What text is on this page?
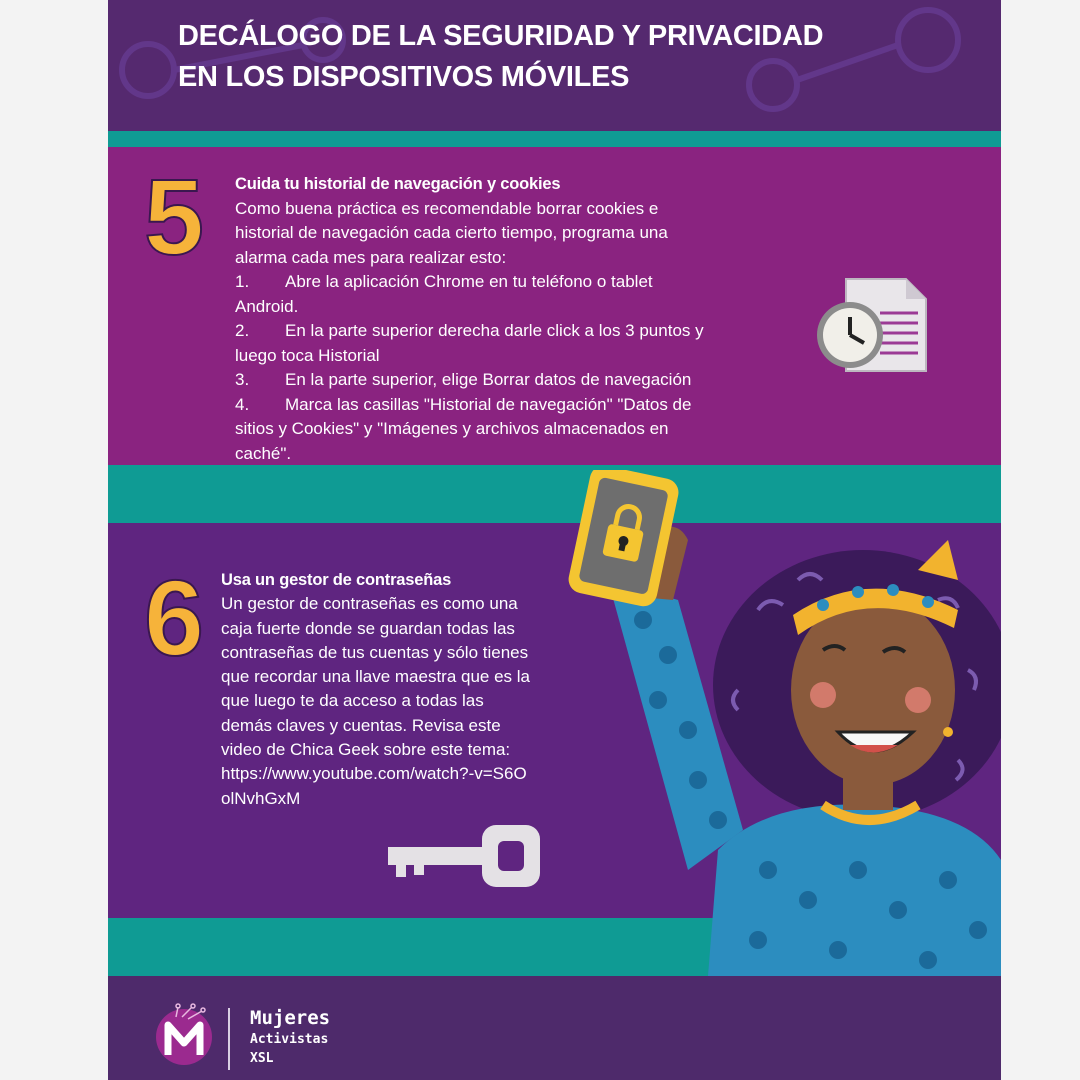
DECÁLOGO DE LA SEGURIDAD Y PRIVACIDAD
EN LOS DISPOSITIVOS MÓVILES
5 Cuida tu historial de navegación y cookies
Como buena práctica es recomendable borrar cookies e historial de navegación cada cierto tiempo, programa una alarma cada mes para realizar esto:
1. Abre la aplicación Chrome en tu teléfono o tablet Android.
2. En la parte superior derecha darle click a los 3 puntos y luego toca Historial
3. En la parte superior, elige Borrar datos de navegación
4. Marca las casillas "Historial de navegación" "Datos de sitios y Cookies" y "Imágenes y archivos almacenados en caché".
6 Usa un gestor de contraseñas
Un gestor de contraseñas es como una caja fuerte donde se guardan todas las contraseñas de tus cuentas y sólo tienes que recordar una llave maestra que es la que luego te da acceso a todas las demás claves y cuentas. Revisa este video de Chica Geek sobre este tema:
https://www.youtube.com/watch?-v=S6OolNvhGxM
Mujeres
Activistas
XSL
